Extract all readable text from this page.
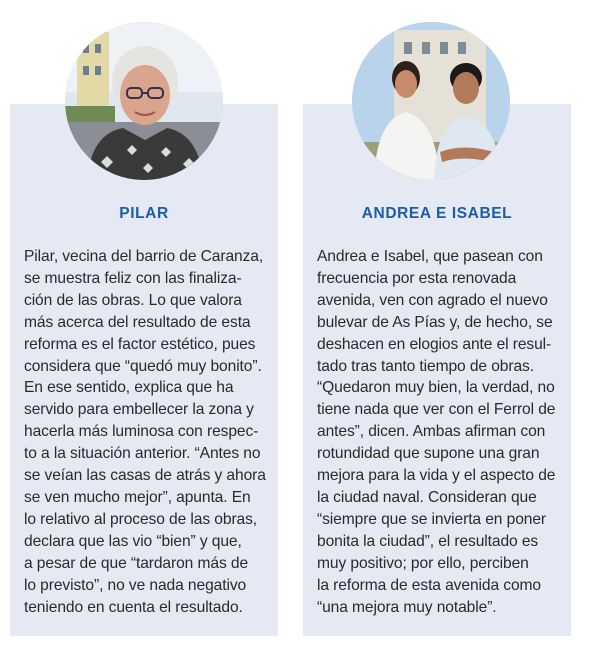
PILAR	ANDREA E ISABEL
Pilar, vecina del barrio de Caranza,
se muestra feliz con las finaliza-
ción de las obras. Lo que valora
más acerca del resultado de esta
reforma es el factor estético, pues
considera que “quedó muy bonito”.
En ese sentido, explica que ha
servido para embellecer la zona y
hacerla más luminosa con respec-
to a la situación anterior. “Antes no
se veían las casas de atrás y ahora
se ven mucho mejor”, apunta. En
lo relativo al proceso de las obras,
declara que las vio “bien” y que,
a pesar de que “tardaron más de
lo previsto”, no ve nada negativo
teniendo en cuenta el resultado.
Andrea e Isabel, que pasean con
frecuencia por esta renovada
avenida, ven con agrado el nuevo
bulevar de As Pías y, de hecho, se
deshacen en elogios ante el resul-
tado tras tanto tiempo de obras.
“Quedaron muy bien, la verdad, no
tiene nada que ver con el Ferrol de
antes”, dicen. Ambas afirman con
rotundidad que supone una gran
mejora para la vida y el aspecto de
la ciudad naval. Consideran que
“siempre que se invierta en poner
bonita la ciudad”, el resultado es
muy positivo; por ello, perciben
la reforma de esta avenida como
“una mejora muy notable”.
